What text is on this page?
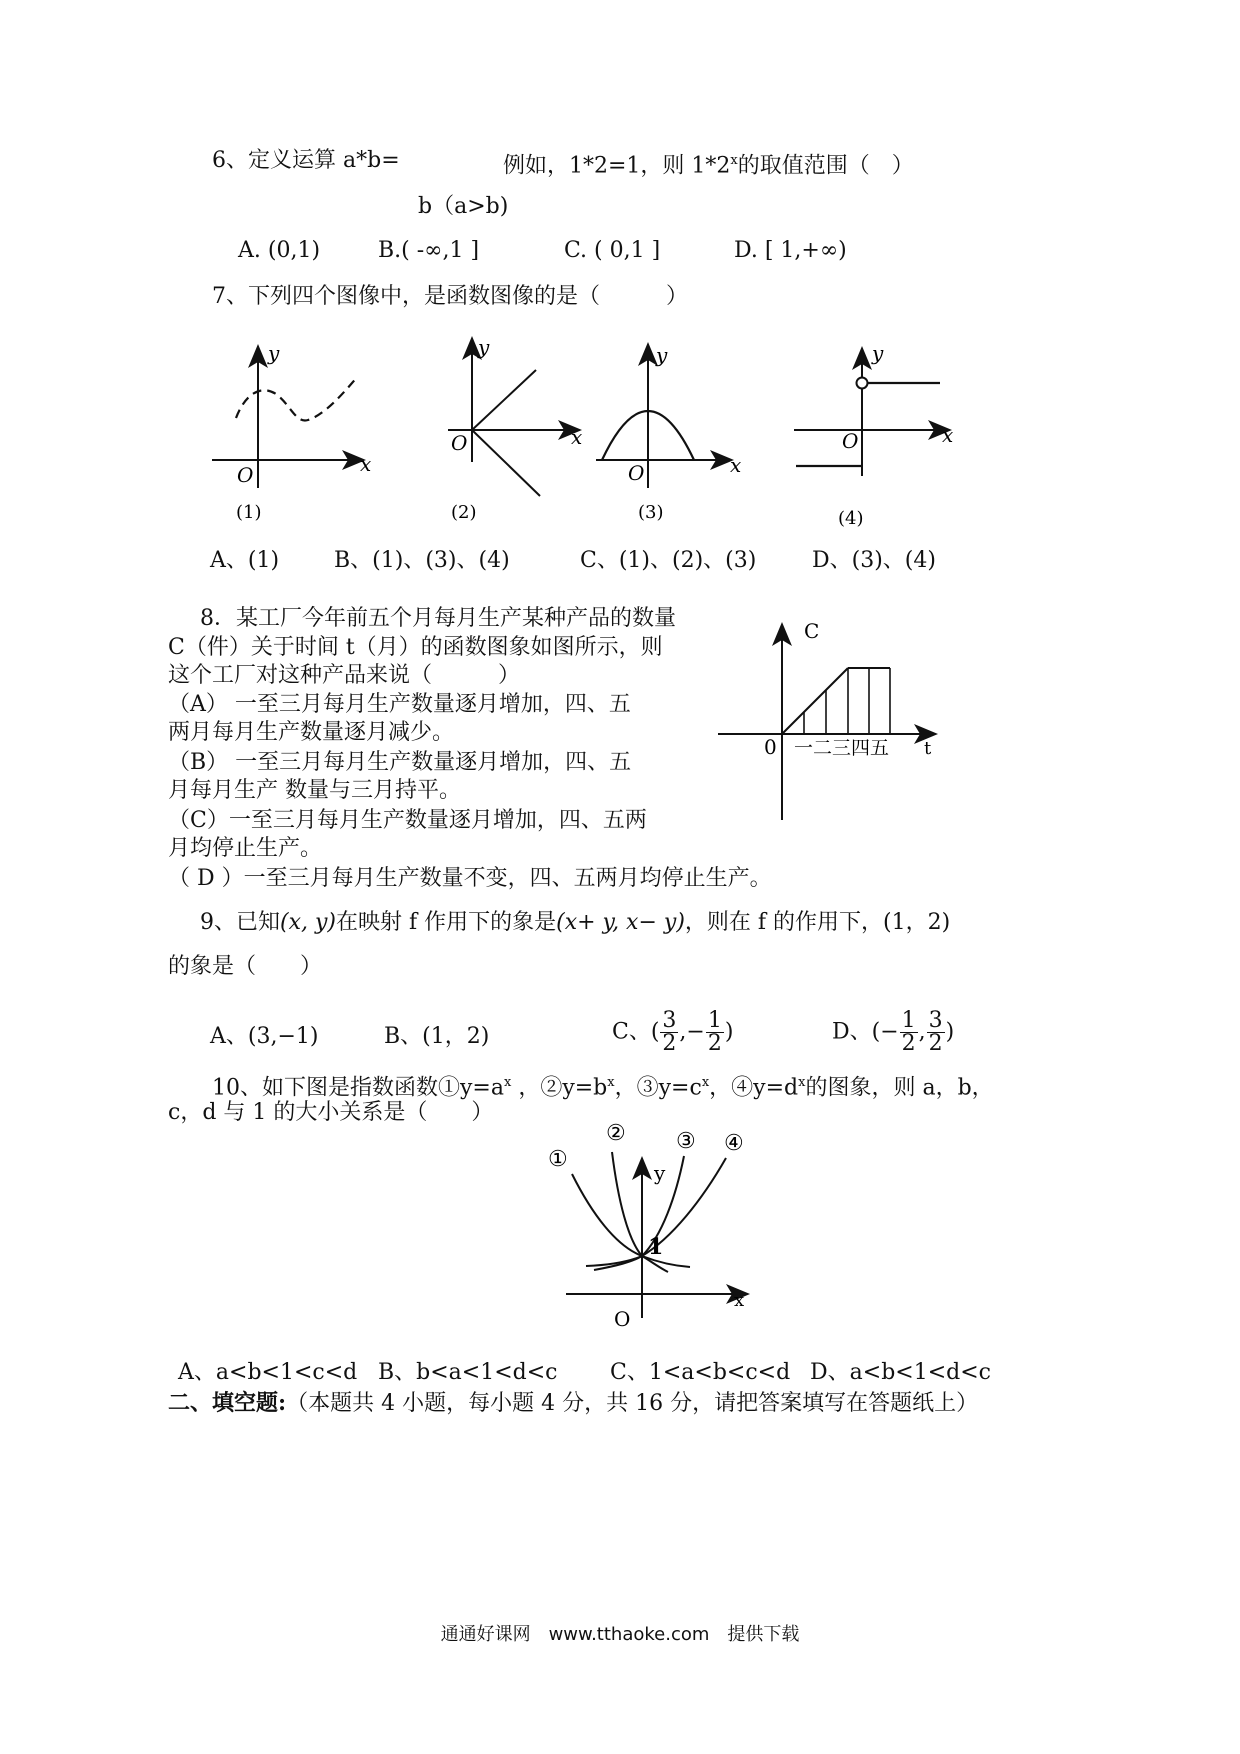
6、定义运算 a*b=	例如，1*2=1，则 1*2$^x$的取值范围（　）
b（a>b)
A. (0,1)	B.( -∞,1 ]	C. ( 0,1 ]	D. [ 1,+∞)
7、下列四个图像中，是函数图像的是（　　　）
y
x
O
(1)
y
x
O
(2)
y
x
O
(3)
y
x
O
(4)
A、(1) B、(1)、(3)、(4)	C、(1)、(2)、(3)	D、(3)、(4)
8．某工厂今年前五个月每月生产某种产品的数量
C（件）关于时间 t（月）的函数图象如图所示，则
这个工厂对这种产品来说（　　　）
（A） 一至三月每月生产数量逐月增加，四、五
两月每月生产数量逐月减少。
（B） 一至三月每月生产数量逐月增加，四、五
月每月生产 数量与三月持平。
（C）一至三月每月生产数量逐月增加，四、五两
月均停止生产。
（ D ）一至三月每月生产数量不变，四、五两月均停止生产。
C
t
0 一二三四五
9、已知(x, y)在映射 f 作用下的象是(x+ y, x− y)，则在 f 的作用下，(1，2)
的象是（　　）
A、(3,−1)	B、(1，2)	C、( $\frac{3}{2}$ ,− $\frac{1}{2}$ )	D、(− $\frac{1}{2}$ , $\frac{3}{2}$ )
10、如下图是指数函数$①y=a^x$ ，$②y=b^x$，$③y=c^x$，$④y=d^x$的图象，则 a，b，
c，d 与 1 的大小关系是（　　）
①
② ③ ④
y
x
1
O
A、a<b<1<c<d B、b<a<1<d<c C、1<a<b<c<d D、a<b<1<d<c
二、填空题:（本题共 4 小题，每小题 4 分，共 16 分，请把答案填写在答题纸上）
通通好课网　www.tthaoke.com　提供下载
